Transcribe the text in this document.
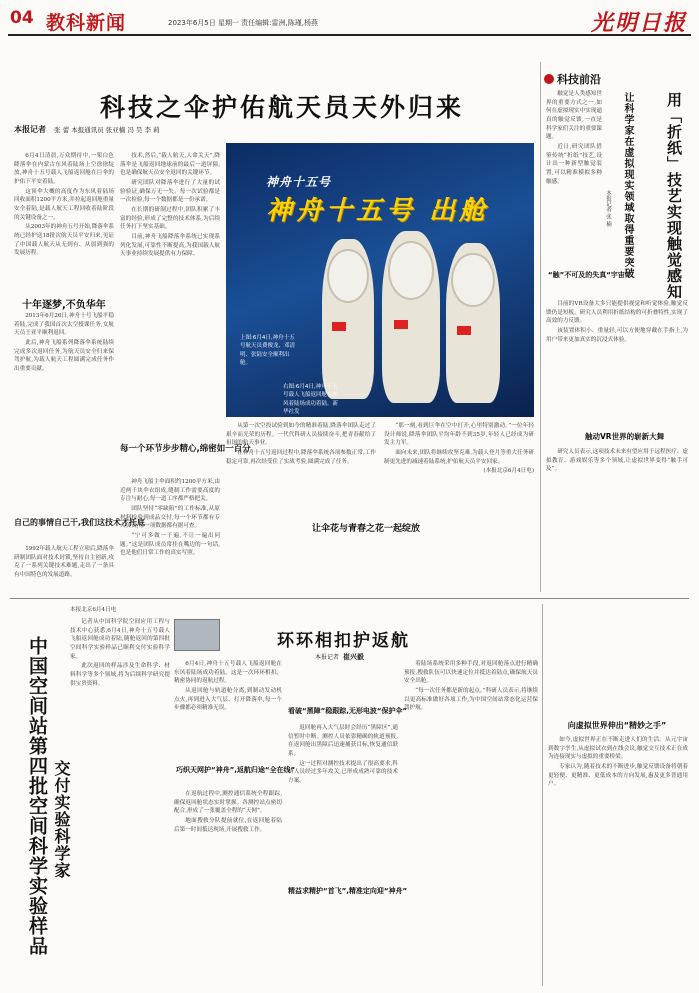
04 教科新闻	2023年6月5日 星期一 责任编辑:雷洲,陈瑾,杨燕	光明日报
科技之伞护佑航天员天外归来
本报记者 张 蕾 本报通讯员 张亚楠 冯 昊 李 莉
神舟十五号
神舟十五号 出舱
上图:6月4日,神舟十五号航天员费俊龙、邓清明、张陆安全顺利出舱。
右图:6月4日,神舟十五号载人飞船返回舱在东风着陆场成功着陆。新华社发

6月4日清晨,万众期待中,一架白色降落伞在内蒙古东风着陆场上空徐徐绽放,神舟十五号载人飞船返回舱在巨伞的护佑下平安着陆。

这顶伞大概的高度作为东风着陆场回收面积1200平方米,并拉起返回舱重量安全着陆,是载人航天工程回收着陆阶段的关键设备之一。

从2003年的神舟五号开始,降落伞系统已经护送18批次航天员平安归来,见证了中国载人航天从无到有、从弱到强的发展历程。

十年逐梦,不负华年

2013年6月26日,神舟十号飞船平稳着陆,完成了我国首次太空授课任务,女航天员王亚平顺利返回。

此后,神舟飞船系列降落伞系统陆续完成多次返回任务,为航天员安全归来保驾护航,为载人航天工程圆满完成任务作出重要贡献。

自己的事情自己干,我们这技术才托底

1992年载人航天工程立项后,降落伞研制团队面对技术封锁,坚持自主创新,攻克了一系列关键技术难题,走出了一条具有中国特色的发展道路。

技术,然后,“载人航天,人命关天”,降落伞是飞船返回地球前的最后一道屏障,也是确保航天员安全返回的关键环节。

研究团队对降落伞进行了大量的试验验证,确保万无一失。每一次试验都是一次检验,每一个数据都是一份承诺。

在长期的研制过程中,团队积累了丰富的经验,形成了完整的技术体系,为后续任务打下坚实基础。

目前,神舟飞船降落伞系统已实现系列化发展,可靠性不断提高,为我国载人航天事业持续发展提供有力保障。

每一个环节步步精心,绵密如一百分

神舟飞船主伞面积约1200平方米,由近两千块伞衣组成,缝制工作需要高度的专注与耐心,每一道工序都严格把关。

团队坚持“零缺陷”的工作标准,从原材料检验到成品交付,每一个环节都有专人负责,每一项数据都有据可查。

“宁可多做一千遍,不让一遍出问题。”这是团队成员常挂在嘴边的一句话,也是他们日常工作的真实写照。

从第一次空投试验到如今的精准着陆,降落伞团队走过了艰辛而光荣的历程。一代代科研人员接续奋斗,把青春献给了祖国的航天事业。

在神舟十五号返回过程中,降落伞系统各项参数正常,工作稳定可靠,再次经受住了实战考验,圆满完成了任务。

让伞花与青春之花一起绽放

“那一刻,看到巨伞在空中打开,心里特别激动。”一位年轻设计师说,降落伞团队平均年龄不到35岁,年轻人已经成为研发主力军。

面向未来,团队将继续攻坚克难,为载人登月等重大任务研制更先进的减速着陆系统,护佑航天员平安回家。

(本报北京6月4日电)

科技前沿
用「折纸」技艺实现触觉感知
让科学家在虚拟现实领域取得重要突破
本报记者 张 楠

触觉是人类感知世界的重要方式之一,如何在虚拟现实中实现逼真的触觉反馈,一直是科学家们关注的重要课题。

近日,研究团队借鉴传统“折纸”技艺,设计出一种新型触觉装置,可以精准模拟多种触感。

“触”不可及的失真“宇宙”

目前的VR设备大多只能提供视觉和听觉体验,触觉反馈仍是短板。研究人员利用折纸结构的可折叠特性,实现了高效的力反馈。

该装置体积小、重量轻,可以方便地穿戴在手指上,为用户带来更加真实的沉浸式体验。

触动VR世界的崭新大舞

研究人员表示,这项技术未来有望应用于远程医疗、虚拟教育、游戏娱乐等多个领域,让虚拟世界变得“触手可及”。

本报北京6月4日电
中国空间站第四批空间科学实验样品 交付实验科学家

记者从中国科学院空间应用工程与技术中心获悉,6月4日,神舟十五号载人飞船返回舱成功着陆,随舱返回的第四批空间科学实验样品已顺利交付实验科学家。

此次返回的样品涉及生命科学、材料科学等多个领域,将为后续科学研究提供宝贵资料。

环环相扣护返航
本报记者 崔兴毅

6月4日,神舟十五号载人飞船返回舱在东风着陆场成功着陆。这是一次环环相扣、精密协同的返航过程。

从返回舱与轨道舱分离,到制动发动机点火,再到进入大气层、打开降落伞,每一个步骤都必须精准无误。

巧织天网护“神舟”,返航归途“全在线”

在返航过程中,测控通信系统全程跟踪,确保返回舱状态实时掌握。各测控站点密切配合,形成了一张覆盖全程的“天网”。

地面搜救分队提前就位,在返回舱着陆后第一时间抵达现场,开展搜救工作。

看破“黑障”稳跟踪,无形电波“保护伞”

返回舱再入大气层时会经历“黑障区”,通信暂时中断。测控人员依靠精确的轨道预报,在返回舱出黑障后迅速捕获目标,恢复通信联系。

这一过程对测控技术提出了很高要求,科研人员经过多年攻关,已形成成熟可靠的技术方案。

精益求精护“首飞”,精准定向迎“神舟”

着陆场系统采用多种手段,对返回舱落点进行精确预报,搜救队伍可以快速定位并抵达着陆点,确保航天员安全出舱。

“每一次任务都是新的起点。”科研人员表示,将继续以更高标准做好各项工作,为中国空间站常态化运营保驾护航。

向虚拟世界伸出“精妙之手”

如今,虚拟世界正在不断走进人们的生活。从元宇宙到数字孪生,从虚拟试衣到在线会议,触觉交互技术正在成为连接现实与虚拟的重要桥梁。

专家认为,随着技术的不断进步,触觉反馈设备将朝着更轻便、更精准、更低成本的方向发展,惠及更多普通用户。
